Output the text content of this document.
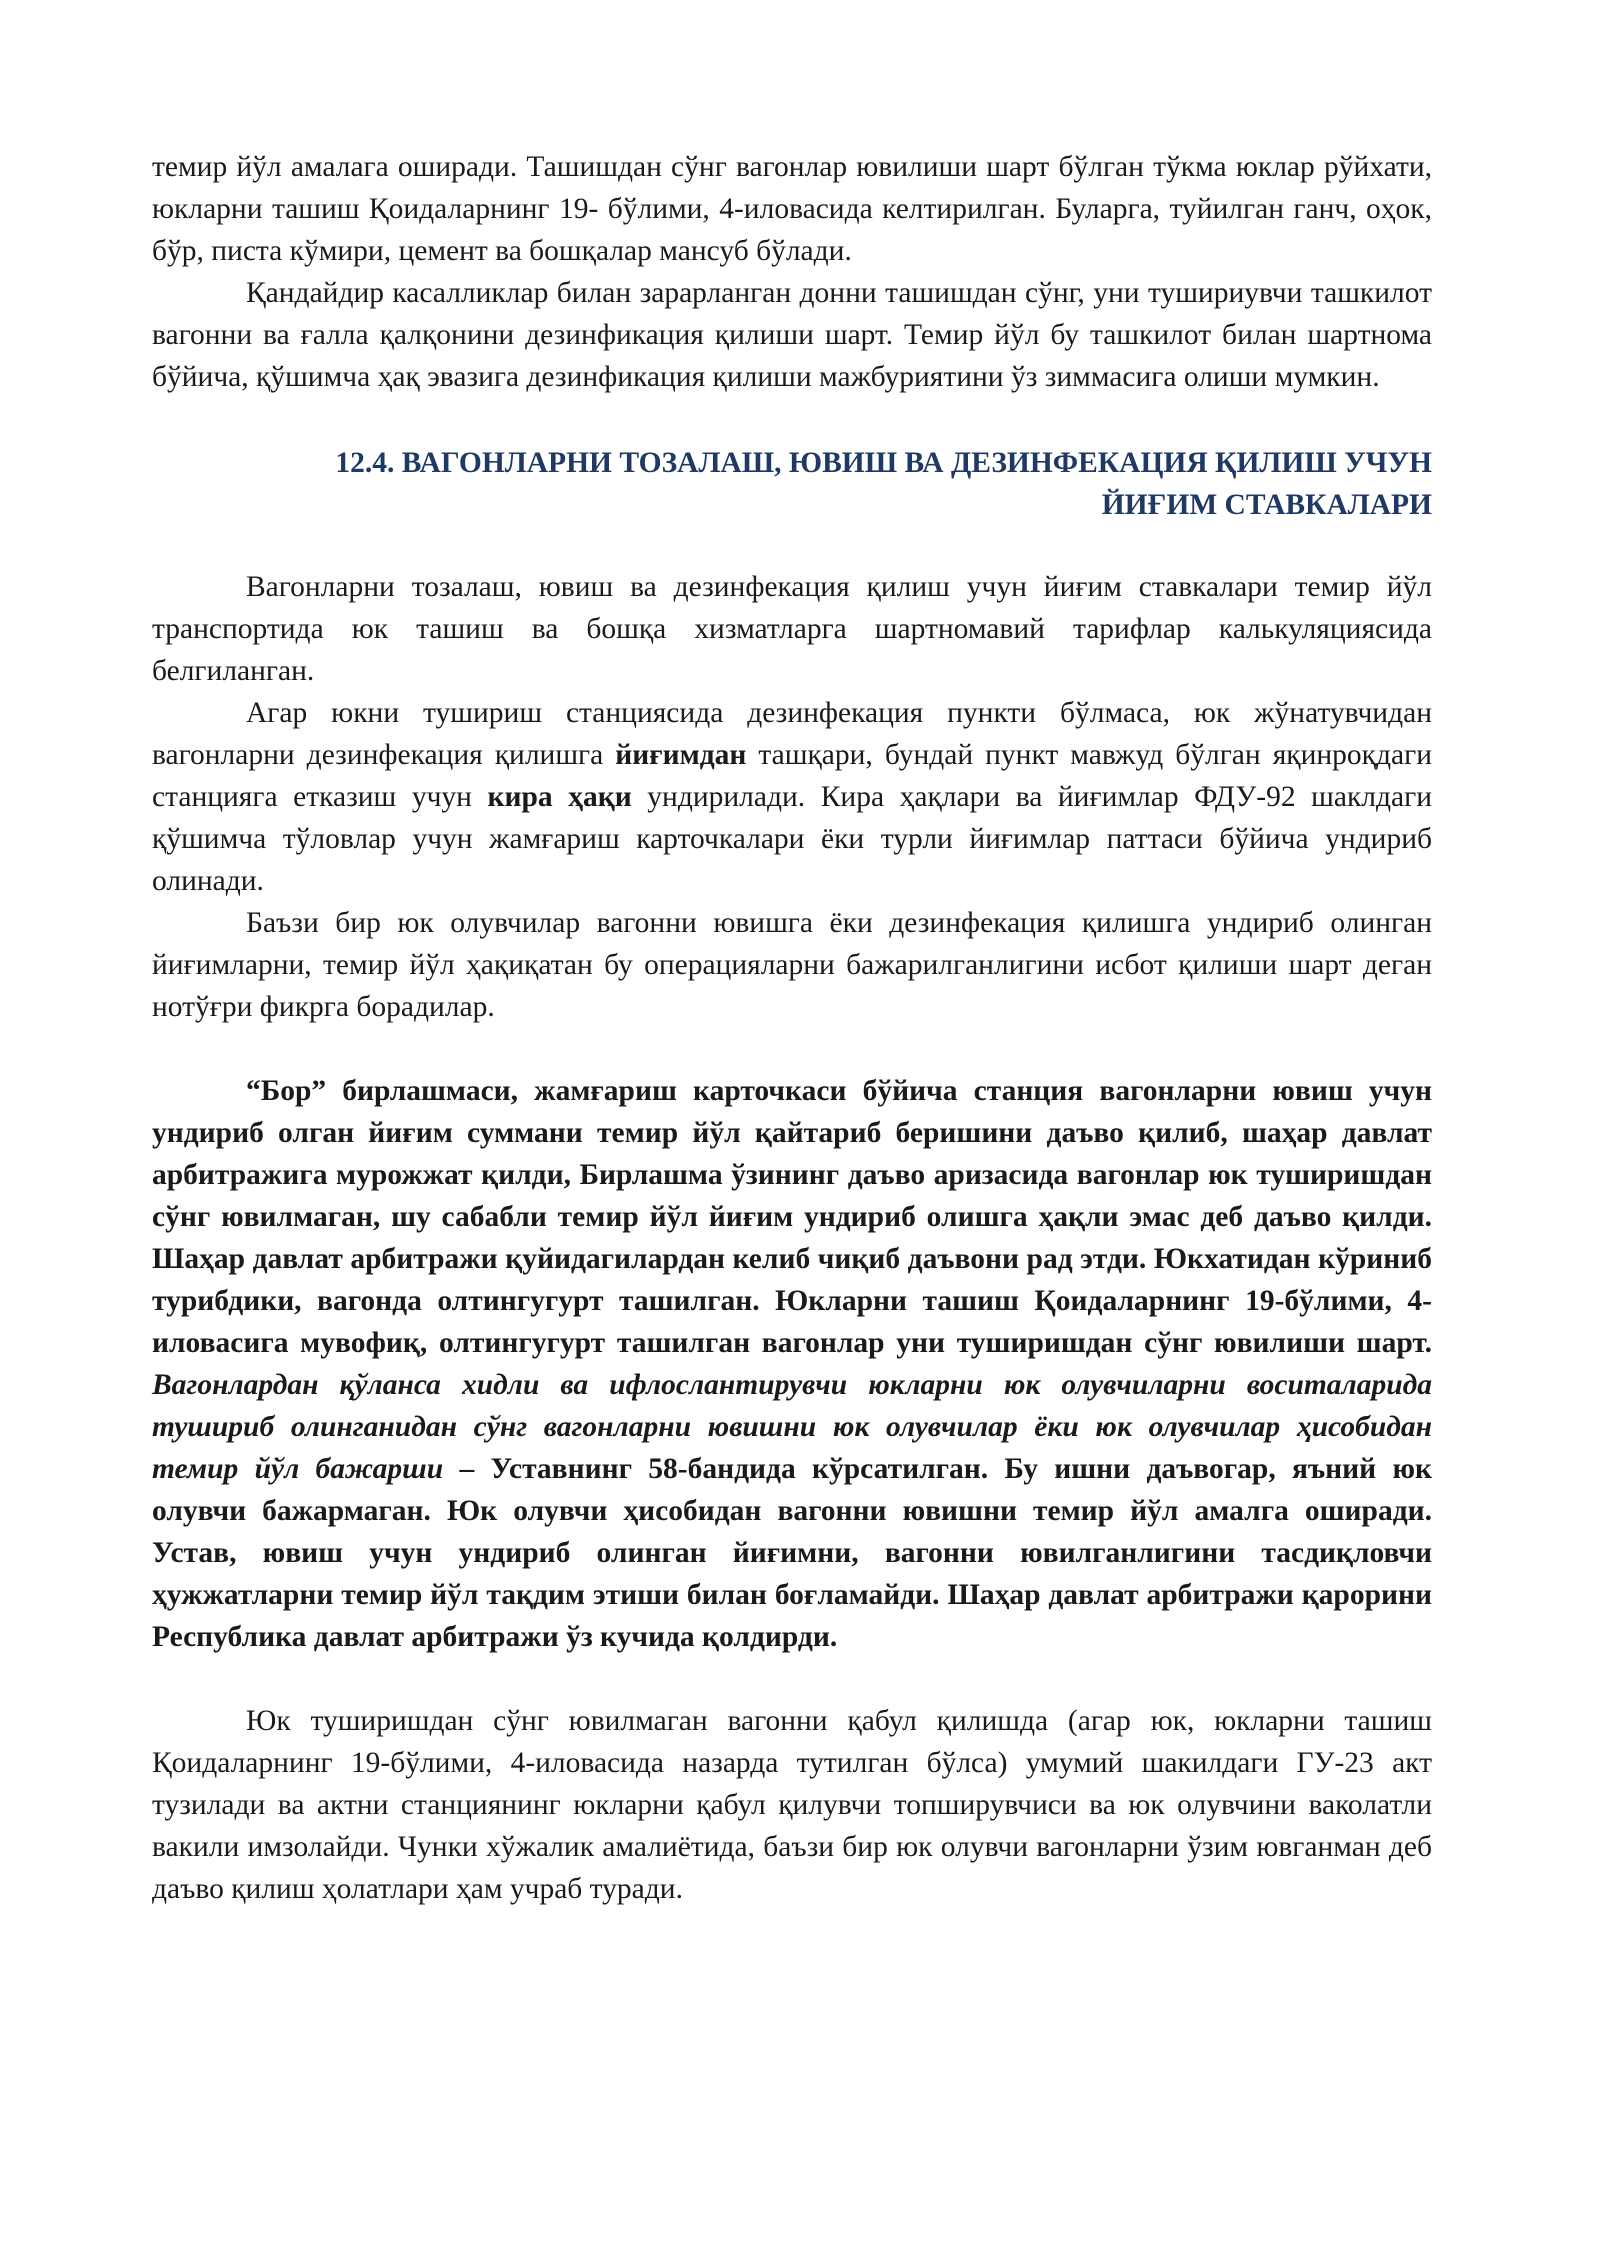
темир йўл амалага оширади. Ташишдан сўнг вагонлар ювилиши шарт бўлган тўкма юклар рўйхати, юкларни ташиш Қоидаларнинг 19- бўлими, 4-иловасида келтирилган. Буларга, туйилган ганч, оҳок, бўр, писта кўмири, цемент ва бошқалар мансуб бўлади.

Қандайдир касалликлар билан зарарланган донни ташишдан сўнг, уни тушириувчи ташкилот вагонни ва ғалла қалқонини дезинфикация қилиши шарт. Темир йўл бу ташкилот билан шартнома бўйича, қўшимча ҳақ эвазига дезинфикация қилиши мажбуриятини ўз зиммасига олиши мумкин.

12.4. ВАГОНЛАРНИ ТОЗАЛАШ, ЮВИШ ВА ДЕЗИНФЕКАЦИЯ ҚИЛИШ УЧУН
ЙИҒИМ СТАВКАЛАРИ

Вагонларни тозалаш, ювиш ва дезинфекация қилиш учун йиғим ставкалари темир йўл транспортида юк ташиш ва бошқа хизматларга шартномавий тарифлар калькуляциясида белгиланган.

Агар юкни тушириш станциясида дезинфекация пункти бўлмаса, юк жўнатувчидан вагонларни дезинфекация қилишга йиғимдан ташқари, бундай пункт мавжуд бўлган яқинроқдаги станцияга етказиш учун кира ҳақи ундирилади. Кира ҳақлари ва йиғимлар ФДУ-92 шаклдаги қўшимча тўловлар учун жамғариш карточкалари ёки турли йиғимлар паттаси бўйича ундириб олинади.

Баъзи бир юк олувчилар вагонни ювишга ёки дезинфекация қилишга ундириб олинган йиғимларни, темир йўл ҳақиқатан бу операцияларни бажарилганлигини исбот қилиши шарт деган нотўғри фикрга борадилар.

“Бор” бирлашмаси, жамғариш карточкаси бўйича станция вагонларни ювиш учун ундириб олган йиғим суммани темир йўл қайтариб беришини даъво қилиб, шаҳар давлат арбитражига мурожжат қилди, Бирлашма ўзининг даъво аризасида вагонлар юк туширишдан сўнг ювилмаган, шу сабабли темир йўл йиғим ундириб олишга ҳақли эмас деб даъво қилди. Шаҳар давлат арбитражи қуйидагилардан келиб чиқиб даъвони рад этди. Юкхатидан кўриниб турибдики, вагонда олтингугурт ташилган. Юкларни ташиш Қоидаларнинг 19-бўлими, 4-иловасига мувофиқ, олтингугурт ташилган вагонлар уни туширишдан сўнг ювилиши шарт. Вагонлардан қўланса хидли ва ифлослантирувчи юкларни юк олувчиларни воситаларида тушириб олинганидан сўнг вагонларни ювишни юк олувчилар ёки юк олувчилар ҳисобидан темир йўл бажарши – Уставнинг 58-бандида кўрсатилган. Бу ишни даъвогар, яъний юк олувчи бажармаган. Юк олувчи ҳисобидан вагонни ювишни темир йўл амалга оширади. Устав, ювиш учун ундириб олинган йиғимни, вагонни ювилганлигини тасдиқловчи ҳужжатларни темир йўл тақдим этиши билан боғламайди. Шаҳар давлат арбитражи қарорини Республика давлат арбитражи ўз кучида қолдирди.

Юк туширишдан сўнг ювилмаган вагонни қабул қилишда (агар юк, юкларни ташиш Қоидаларнинг 19-бўлими, 4-иловасида назарда тутилган бўлса) умумий шакилдаги ГУ-23 акт тузилади ва актни станциянинг юкларни қабул қилувчи топширувчиси ва юк олувчини ваколатли вакили имзолайди. Чунки хўжалик амалиётида, баъзи бир юк олувчи вагонларни ўзим ювганман деб даъво қилиш ҳолатлари ҳам учраб туради.
